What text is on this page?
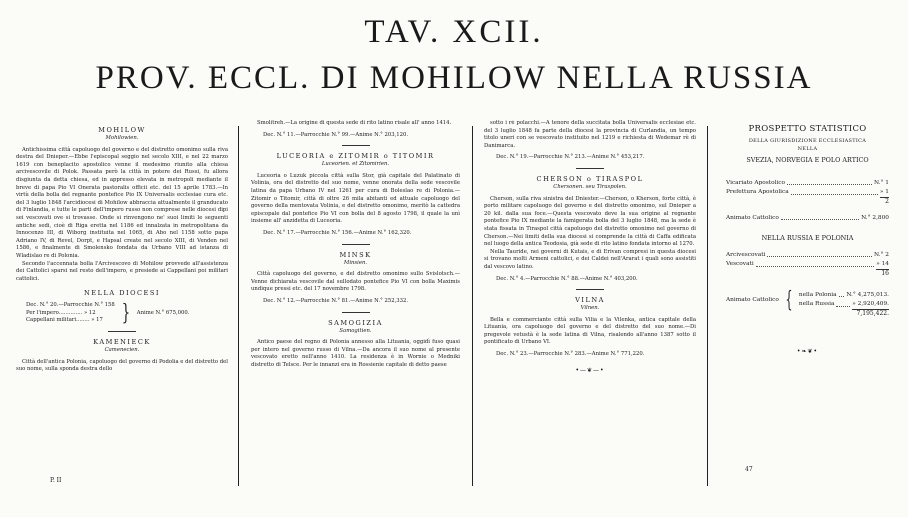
TAV. XCII.
PROV. ECCL. DI MOHILOW NELLA RUSSIA

MOHILOW

Mohilowien.

Antichissima città capoluogo del governo e del distretto omonimo sulla riva destra del Dnieper.—Ebbe l'episcopal seggio nel secolo XIII, e nel 22 marzo 1619 con beneplacito apostolico venne il medesimo riunito alla chiesa arcivescovile di Polok. Passata però la città in potere dei Russi, fu allora disgiunta da detta chiesa, ed in appresso elevata in metropoli mediante il breve di papa Pio VI Onerata pastoralis officii etc. del 15 aprile 1783.—In virtù della bolla del regnante pontefice Pio IX Universalis ecclesiae cura etc. del 3 luglio 1848 l'arcidiocesi di Mohilow abbraccia attualmente il granducato di Finlandia, e tutte le parti dell'impero russo non comprese nelle diocesi dipi sei vescovati ove si trovasse. Onde si rinvengono ne' suoi limiti le seguenti antiche sedi, cioè di Riga eretta nel 1186 ed innalzata in metropolitana da Innocenzo III, di Wiborg instituita nel 1065, di Abo nel 1158 sotto papa Adriano IV, di Revel, Dorpt, e Hapsal create nel secolo XIII, di Venden nel 1586, e finalmente di Smolensko fondata da Urbano VIII ad istanza di Wladislao re di Polonia.

Secondo l'accennata bolla l'Arcivescovo di Mohilow provvede all'assistenza dei Cattolici sparsi nel resto dell'impero, e presiede ai Cappellani poi militari cattolici.

NELLA DIOCESI

Dec. N.° 20.—Parrocchie N.° 158
Per l'impero.............. » 12
Cappellani militari........ » 17 } Anime N.° 675,000.

KAMENIECK

Camenecien.

Città dell'antica Polonia, capoluogo del governo di Podolia e del distretto del suo nome, sulla sponda destra dello

P. II

Smolitreh.—La origine di questa sede di rito latino risale all' anno 1414.

Dec. N.° 11.—Parrocchie N.° 99.—Anime N.° 203,120.

LUCEORIA e ZITOMIR o TITOMIR

Luceorien. et Zitomirien.

Luceoria o Luzuk piccola città sulla Stor, già capitale del Palatinato di Volinia, ora del distretto del suo nome, venne onorata della sede vescovile latina da papa Urbano IV nel 1261 per cura di Boleslao re di Polonia.—Zitomir o Titomir, città di oltre 26 mila abitanti ed attuale capoluogo del governo della mentovata Volinia, e del distretto omonimo, meritò la cattedra episcopale dal pontefice Pio VI con bolla del 8 agosto 1798, il quale la unì insieme all' anzidetta di Luceoria.

Dec. N.° 17.—Parrocchie N.° 156.—Anime N.° 162,320.

MINSK

Minsien.

Città capoluogo del governo, e del distretto omonimo sullo Svislotsch.—Venne dichiarata vescovile dal sullodato pontefice Pio VI con bolla Maximis undique pressi etc. del 17 novembre 1798.

Dec. N.° 12.—Parrocchie N.° 81.—Anime N.° 252,332.

SAMOGIZIA

Samogitien.

Antico paese del regno di Polonia annesso alla Lituania, oggidì fuso quasi per intero nel governo russo di Vilna.—Da ancora il suo nome al presente vescovato eretto nell'anno 1410. La residenza è in Wornie o Medniki distretto di Telsce. Per le innanzi era in Rossienie capitale di detto paese

sotto i rè polacchi.—A tenore della succitata bolla Universalis ecclesiae etc. del 3 luglio 1848 fa parte della diocesi la provincia di Curlandia, un tempo titolo uneri con se vescovato instituito nel 1219 e richiesta di Wedemar rè di Danimarca.

Dec. N.° 19.—Parrocchie N.° 213.—Anime N.° 453,217.

CHERSON o TIRASPOL

Chersonen. seu Tiraspolen.

Cherson, sulla riva sinistra del Dniester.—Cherson, o Kherson, forte città, è porto militare capoluogo del governo e del distretto omonimo, sul Dnieper a 20 kil. dalla sua foce.—Questa vescovato deve la sua origine al regnante pontefice Pio IX mediante la famigerata bolla del 3 luglio 1848, ma la sede è stata fissata in Tiraspol città capoluogo del distretto omonimo nel governo di Cherson.—Nei limiti della sua diocesi si comprende la città di Caffa edificata nel luogo della antica Teodosia, già sede di rito latino fondata intorno al 1270.

Nella Tauride, nei governi di Kutais, e di Erivan compresi in questa diocesi si trovano molti Armeni cattolici, e dei Caldei nell'Ararat i quali sono assistiti dal vescovo latino.

Dec. N.° 4.—Parrocchie N.° 88.—Anime N.° 403,200.

VILNA

Vilnen.

Bella e commerciante città sulla Vilia e la Vilenka, antica capitale della Lituania, ora capoluogo del governo e del distretto del suo nome.—Di pregevole vetustà è la sede latina di Vilna, risalendo all'anno 1387 sotto il pontificato di Urbano VI.

Dec. N.° 23.—Parrocchie N.° 283.—Anime N.° 771,220.

•—❦—•
PROSPETTO STATISTICO
DELLA GIURISDIZIONE ECCLESIASTICA
NELLA
SVEZIA, NORVEGIA E POLO ARTICO
Vicariato Apostolico	N.° 1
Prefettura Apostolica	» 1
2
Animato Cattolico	N.° 2,800
NELLA RUSSIA E POLONIA
Arcivescovati	N.° 2
Vescovati	» 14
16
Animato Cattolico { nella Polonia N.° 4,275,013.
nella Russia	» 2,920,409.
7,195,422.
•❧❦•
47
